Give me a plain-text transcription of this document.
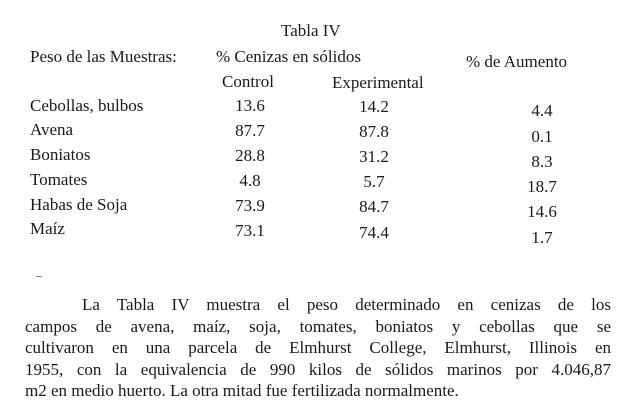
Tabla IV
Peso de las Muestras: % Cenizas en sólidos	% de Aumento
Control	Experimental
Cebollas, bulbos	13.6	14.2	4.4
Avena	87.7	87.8	0.1
Boniatos	28.8	31.2	8.3
Tomates	4.8	5.7	18.7
Habas de Soja	73.9	84.7	14.6
Maíz	73.1	74.4	1.7
La Tabla IV muestra el peso determinado en cenizas de los
campos de avena, maíz, soja, tomates, boniatos y cebollas que se
cultivaron en una parcela de Elmhurst College, Elmhurst, Illinois en
1955, con la equivalencia de 990 kilos de sólidos marinos por 4.046,87
m2 en medio huerto. La otra mitad fue fertilizada normalmente.
